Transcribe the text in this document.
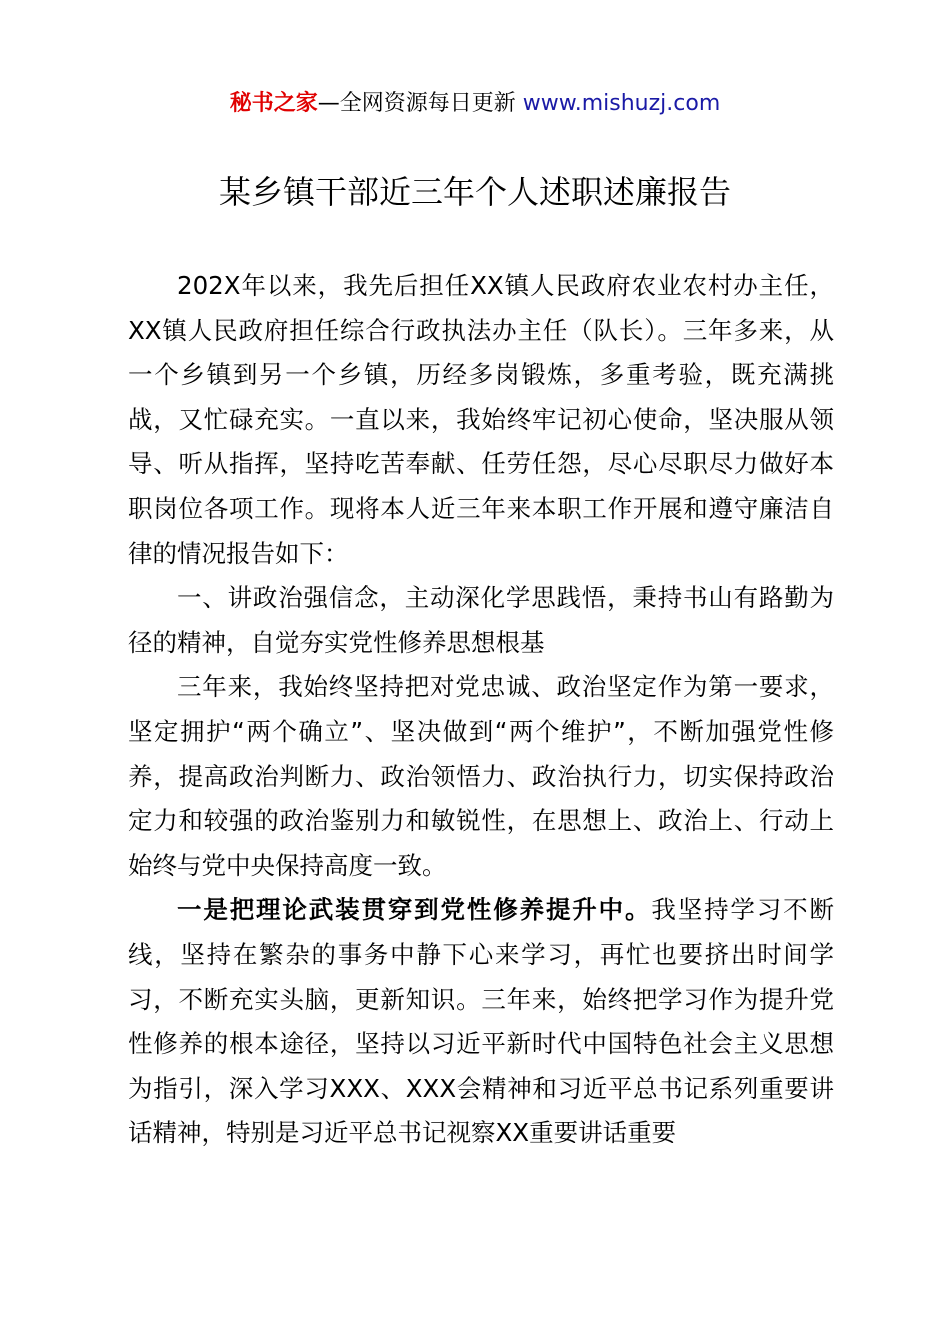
秘书之家—全网资源每日更新 www.mishuzj.com
某乡镇干部近三年个人述职述廉报告

202X年以来，我先后担任XX镇人民政府农业农村办主任，XX镇人民政府担任综合行政执法办主任（队长）。三年多来，从一个乡镇到另一个乡镇，历经多岗锻炼，多重考验，既充满挑战，又忙碌充实。一直以来，我始终牢记初心使命，坚决服从领导、听从指挥，坚持吃苦奉献、任劳任怨，尽心尽职尽力做好本职岗位各项工作。现将本人近三年来本职工作开展和遵守廉洁自律的情况报告如下：

一、讲政治强信念，主动深化学思践悟，秉持书山有路勤为径的精神，自觉夯实党性修养思想根基

三年来，我始终坚持把对党忠诚、政治坚定作为第一要求，坚定拥护“两个确立”、坚决做到“两个维护”，不断加强党性修养，提高政治判断力、政治领悟力、政治执行力，切实保持政治定力和较强的政治鉴别力和敏锐性，在思想上、政治上、行动上始终与党中央保持高度一致。

一是把理论武装贯穿到党性修养提升中。我坚持学习不断线，坚持在繁杂的事务中静下心来学习，再忙也要挤出时间学习，不断充实头脑，更新知识。三年来，始终把学习作为提升党性修养的根本途径，坚持以习近平新时代中国特色社会主义思想为指引，深入学习XXX、XXX会精神和习近平总书记系列重要讲话精神，特别是习近平总书记视察XX重要讲话重要
